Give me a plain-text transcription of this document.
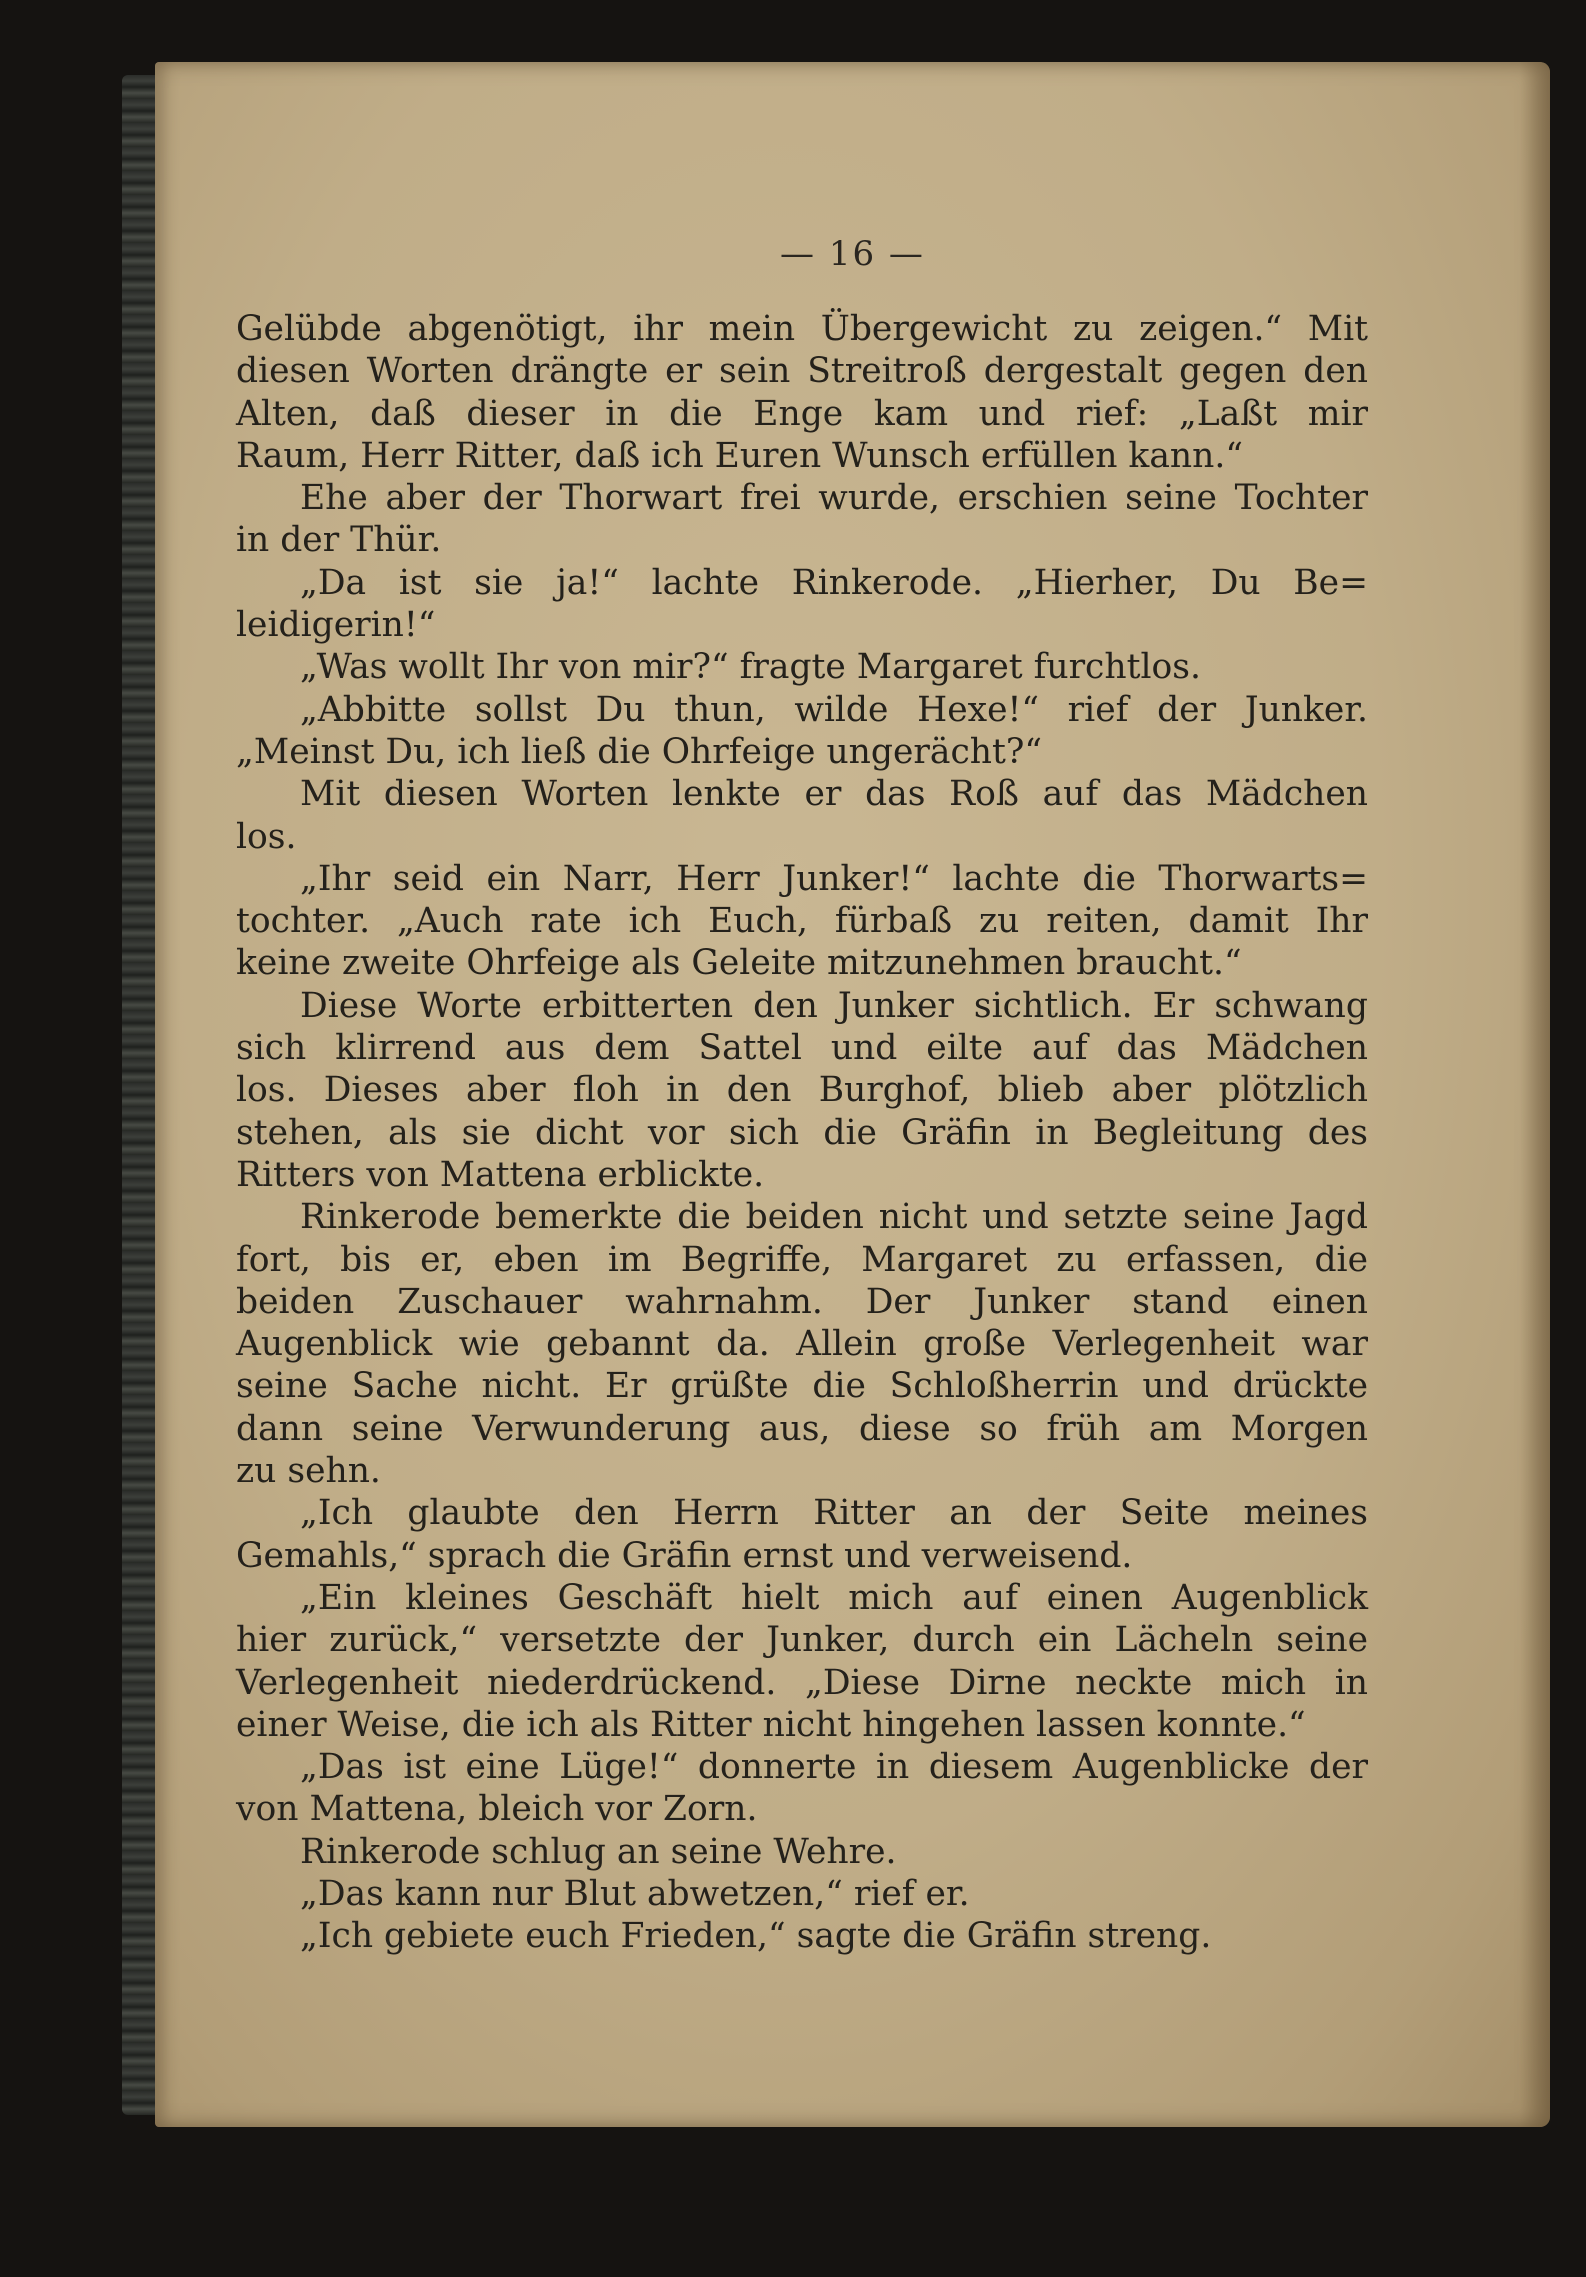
— 16 —

Gelübde abgenötigt, ihr mein Übergewicht zu zeigen.“ Mit
diesen Worten drängte er sein Streitroß dergestalt gegen den
Alten, daß dieser in die Enge kam und rief: „Laßt mir
Raum, Herr Ritter, daß ich Euren Wunsch erfüllen kann.“
Ehe aber der Thorwart frei wurde, erschien seine Tochter
in der Thür.
„Da ist sie ja!“ lachte Rinkerode. „Hierher, Du Be=
leidigerin!“
„Was wollt Ihr von mir?“ fragte Margaret furchtlos.
„Abbitte sollst Du thun, wilde Hexe!“ rief der Junker.
„Meinst Du, ich ließ die Ohrfeige ungerächt?“
Mit diesen Worten lenkte er das Roß auf das Mädchen
los.
„Ihr seid ein Narr, Herr Junker!“ lachte die Thorwarts=
tochter. „Auch rate ich Euch, fürbaß zu reiten, damit Ihr
keine zweite Ohrfeige als Geleite mitzunehmen braucht.“
Diese Worte erbitterten den Junker sichtlich. Er schwang
sich klirrend aus dem Sattel und eilte auf das Mädchen
los. Dieses aber floh in den Burghof, blieb aber plötzlich
stehen, als sie dicht vor sich die Gräfin in Begleitung des
Ritters von Mattena erblickte.
Rinkerode bemerkte die beiden nicht und setzte seine Jagd
fort, bis er, eben im Begriffe, Margaret zu erfassen, die
beiden Zuschauer wahrnahm. Der Junker stand einen
Augenblick wie gebannt da. Allein große Verlegenheit war
seine Sache nicht. Er grüßte die Schloßherrin und drückte
dann seine Verwunderung aus, diese so früh am Morgen
zu sehn.
„Ich glaubte den Herrn Ritter an der Seite meines
Gemahls,“ sprach die Gräfin ernst und verweisend.
„Ein kleines Geschäft hielt mich auf einen Augenblick
hier zurück,“ versetzte der Junker, durch ein Lächeln seine
Verlegenheit niederdrückend. „Diese Dirne neckte mich in
einer Weise, die ich als Ritter nicht hingehen lassen konnte.“
„Das ist eine Lüge!“ donnerte in diesem Augenblicke der
von Mattena, bleich vor Zorn.
Rinkerode schlug an seine Wehre.
„Das kann nur Blut abwetzen,“ rief er.
„Ich gebiete euch Frieden,“ sagte die Gräfin streng.
